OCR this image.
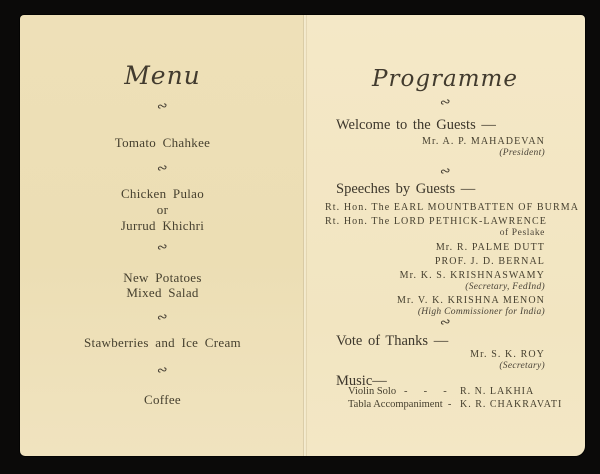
Menu
∾
Tomato Chahkee
∾
Chicken Pulao
or
Jurrud Khichri
∾
New Potatoes
Mixed Salad
∾
Stawberries and Ice Cream
∾
Coffee
Programme
∾
Welcome to the Guests —
Mr. A. P. MAHADEVAN
(President)
∾
Speeches by Guests —
Rt. Hon. The EARL MOUNTBATTEN OF BURMA
Rt. Hon. The LORD PETHICK-LAWRENCE
of Peslake
Mr. R. PALME DUTT
PROF. J. D. BERNAL
Mr. K. S. KRISHNASWAMY
(Secretary, FedInd)
Mr. V. K. KRISHNA MENON
(High Commissioner for India)
∾
Vote of Thanks —
Mr. S. K. ROY
(Secretary)
Music—
Violin Solo -     -     -	R. N. LAKHIA
Tabla Accompaniment - K. R. CHAKRAVATI
